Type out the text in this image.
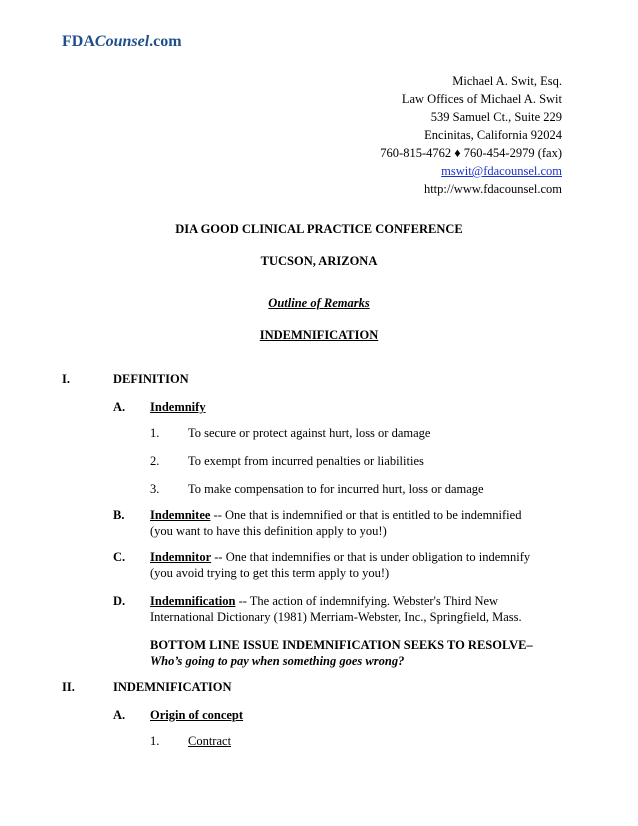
FDACounsel.com
Michael A. Swit, Esq.
Law Offices of Michael A. Swit
539 Samuel Ct., Suite 229
Encinitas, California 92024
760-815-4762 ♦ 760-454-2979 (fax)
mswit@fdacounsel.com
http://www.fdacounsel.com
DIA GOOD CLINICAL PRACTICE CONFERENCE
TUCSON, ARIZONA
Outline of Remarks
INDEMNIFICATION
I.	DEFINITION
A. Indemnify
1. To secure or protect against hurt, loss or damage
2. To exempt from incurred penalties or liabilities
3. To make compensation to for incurred hurt, loss or damage
B. Indemnitee -- One that is indemnified or that is entitled to be indemnified
(you want to have this definition apply to you!)
C. Indemnitor -- One that indemnifies or that is under obligation to indemnify
(you avoid trying to get this term apply to you!)
D. Indemnification -- The action of indemnifying. Webster's Third New
International Dictionary (1981) Merriam-Webster, Inc., Springfield, Mass.
BOTTOM LINE ISSUE INDEMNIFICATION SEEKS TO RESOLVE–
Who’s going to pay when something goes wrong?
II.	INDEMNIFICATION
A. Origin of concept
1. Contract
